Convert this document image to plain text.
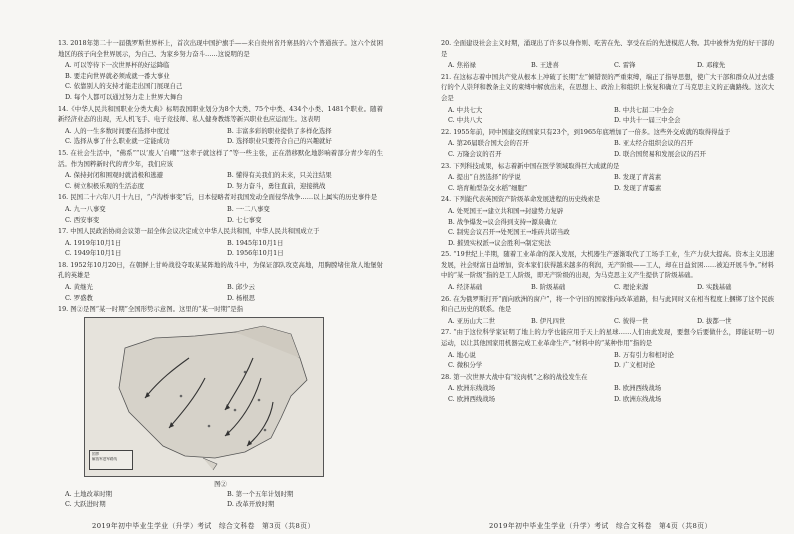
13. 2018年第二十一届俄罗斯世界杯上，首次出现中国护旗手——来自贵州省丹寨县的六个普通孩子。这六个贫困地区的孩子向全世界展示，为自己、为家乡努力奋斗……这说明的是
A. 可以等待下一次世界杯的好运降临
B. 要走向世界就必须成就一番大事业
C. 依靠别人的支持才能走出国门展现自己
D. 每个人都可以通过努力走上世界大舞台
14.《中华人民共和国职业分类大典》标明我国职业划分为8个大类、75个中类、434个小类、1481个职业。随着新经济业态的出现，无人机飞手、电子竞技师、私人健身教练等新兴职业也应运而生。这表明
A. 人的一生多数时间要在选择中度过	B. 丰富多彩的职业提供了多样化选择
C. 选择从事了什么职业就一定能成功	D. 选择职业只要符合自己的兴趣就好
15. 在社会生活中，“佛系”“以‘废人’自嘲”“这辈子就这样了”等一些主张，正在潜移默化地影响着部分青少年的生活。作为国粹新时代的青少年，我们应该
A. 保持封闭和围观时就消极和逃避	B. 懂得有关我们的未来，只关注结果
C. 树立积极乐观的生活态度	D. 努力奋斗，勇往直前，迎接挑战
16. 民国二十六年八月十九日，“卢沟桥事变”后，日本侵略者对我国发动全面侵华战争……以上属实的历史事件是
A. 九一八事变	B. 一·二八事变
C. 西安事变	D. 七七事变
17. 中国人民政治协商会议第一届全体会议决定成立中华人民共和国，中华人民共和国成立于
A. 1919年10月1日	B. 1945年10月1日
C. 1949年10月1日	D. 1956年10月1日
18. 1952年10月20日，在朝鲜上甘岭战役夺取某某阵地的战斗中，为保证部队攻克高地，用胸膛堵住敌人地堡射孔的英雄是
A. 黄继光	B. 邱少云
C. 罗盛教	D. 杨根思
19. 图②是图“某一时期”全国形势示意图。这里的“某一时期”是指
国界
解放军进军路线
图②
A. 土地改革时期	B. 第一个五年计划时期
C. 大跃进时期	D. 改革开放时期
2019年初中毕业生学业（升学）考试　综合文科卷　第3页（共8页）
20. 全面建设社会主义时期，涌现出了许多以身作则、吃苦在先、享受在后的先进模范人物。其中被誉为党的好干部的是
A. 焦裕禄	B. 王进喜	C. 雷锋	D. 邓稼先
21. 在这标志着中国共产党从根本上冲破了长期“左”倾错误的严重束缚，端正了指导思想，使广大干部和群众从过去盛行的个人崇拜和教条主义的束缚中解放出来，在思想上、政治上和组织上恢复和确立了马克思主义的正确路线。这次大会是
A. 中共七大	B. 中共七届二中全会
C. 中共八大	D. 中共十一届三中全会
22. 1955年前，同中国建交的国家只有23个，到1965年底增加了一倍多。这些外交成就的取得得益于
A. 第26届联合国大会的召开	B. 亚太经合组织会议的召开
C. 万隆会议的召开	D. 联合国贸易和发展会议的召开
23. 下列科技成果，标志着新中国在医学领域取得巨大成就的是
A. 提出“自然选择”的学说	B. 发现了青蒿素
C. 培育籼型杂交水稻“细胞”	D. 发现了青霉素
24. 下列能代表英国资产阶级革命发展进程的历史线索是
A. 处死国王→建立共和国→封建势力复辟
B. 战争爆发→议会得到支持→源泉确立
C. 制宪会议召开→处死国王→堆砖共诺当政
D. 摧毁实权派→议会胜利→制定宪法
25. “19世纪上半期，随着工业革命的深入发展，大机器生产逐渐取代了工场手工业，生产力获大提高。资本主义迅速发展，社会财富日益增加，资本家们获得越来越多的利润，无产阶级——工人，却在日益贫困……被迫开展斗争。”材料中的“某一阶级”指的是工人阶级，即无产阶级的出现，为马克思主义产生提供了阶级基础。
A. 经济基础	B. 阶级基础	C. 理论来源	D. 实践基础
26. 在为俄罗斯打开“面向欧洲的窗户”，将一个守旧的国家推向改革道路，但与此同时又在相当程度上捆绑了这个民族和自己历史的联系。他是
A. 亚历山大二世	B. 伊凡四世	C. 彼得一世	D. 拔都一世
27. “由于这位科学家证明了地上的力学也能应用于天上的星球……人们由此发现，要想今后要做什么，即能证明一切运动，以让其他国家用机器完成工业革命生产。”材料中的“某种作用”指的是
A. 地心说	B. 万有引力和相对论
C. 微积分学	D. 广义相对论
28. 第一次世界大战中有“绞肉机”之称的战役发生在
A. 欧洲东线战场	B. 欧洲西线战场
C. 欧洲西线战场	D. 欧洲东线战场
2019年初中毕业生学业（升学）考试　综合文科卷　第4页（共8页）
